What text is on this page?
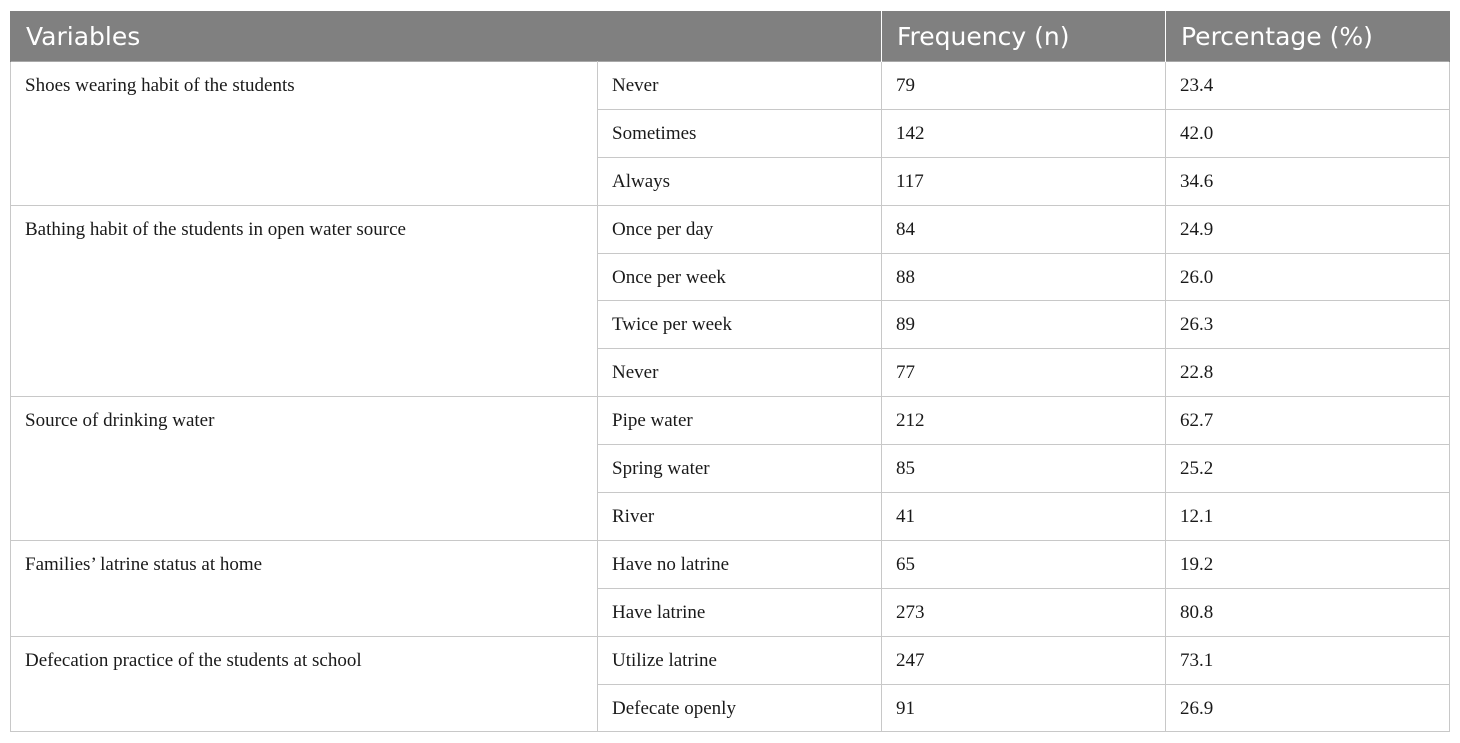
Variables		Frequency (n)	Percentage (%)
Shoes wearing habit of the students	Never	79	23.4
	Sometimes	142	42.0
	Always	117	34.6
Bathing habit of the students in open water source	Once per day	84	24.9
	Once per week	88	26.0
	Twice per week	89	26.3
	Never	77	22.8
Source of drinking water	Pipe water	212	62.7
	Spring water	85	25.2
	River	41	12.1
Families’ latrine status at home	Have no latrine	65	19.2
	Have latrine	273	80.8
Defecation practice of the students at school	Utilize latrine	247	73.1
	Defecate openly	91	26.9
